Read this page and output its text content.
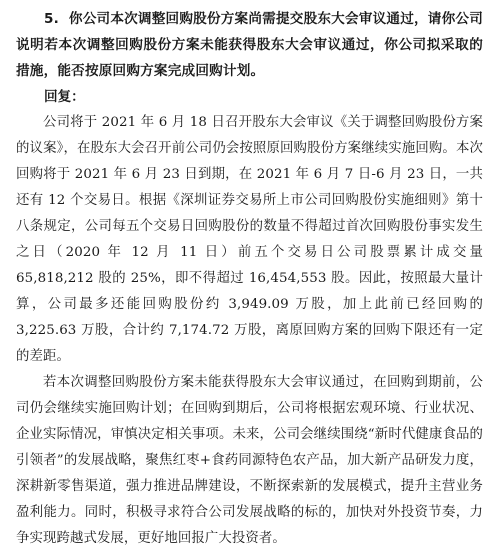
5. 你公司本次调整回购股份方案尚需提交股东大会审议通过，请你公司说明若本次调整回购股份方案未能获得股东大会审议通过，你公司拟采取的措施，能否按原回购方案完成回购计划。

回复：

公司将于 2021 年 6 月 18 日召开股东大会审议《关于调整回购股份方案的议案》，在股东大会召开前公司仍会按照原回购股份方案继续实施回购。本次回购将于 2021 年 6 月 23 日到期，在 2021 年 6 月 7 日-6 月 23 日，一共还有 12 个交易日。根据《深圳证券交易所上市公司回购股份实施细则》第十八条规定，公司每五个交易日回购股份的数量不得超过首次回购股份事实发生之日（2020 年 12 月 11 日）前五个交易日公司股票累计成交量 65,818,212 股的 25%，即不得超过 16,454,553 股。因此，按照最大量计算，公司最多还能回购股份约 3,949.09 万股，加上此前已经回购的 3,225.63 万股，合计约 7,174.72 万股，离原回购方案的回购下限还有一定的差距。

若本次调整回购股份方案未能获得股东大会审议通过，在回购到期前，公司仍会继续实施回购计划；在回购到期后，公司将根据宏观环境、行业状况、企业实际情况，审慎决定相关事项。未来，公司会继续围绕“新时代健康食品的引领者”的发展战略，聚焦红枣+食药同源特色农产品，加大新产品研发力度，深耕新零售渠道，强力推进品牌建设，不断探索新的发展模式，提升主营业务盈利能力。同时，积极寻求符合公司发展战略的标的，加快对外投资节奏，力争实现跨越式发展，更好地回报广大投资者。
